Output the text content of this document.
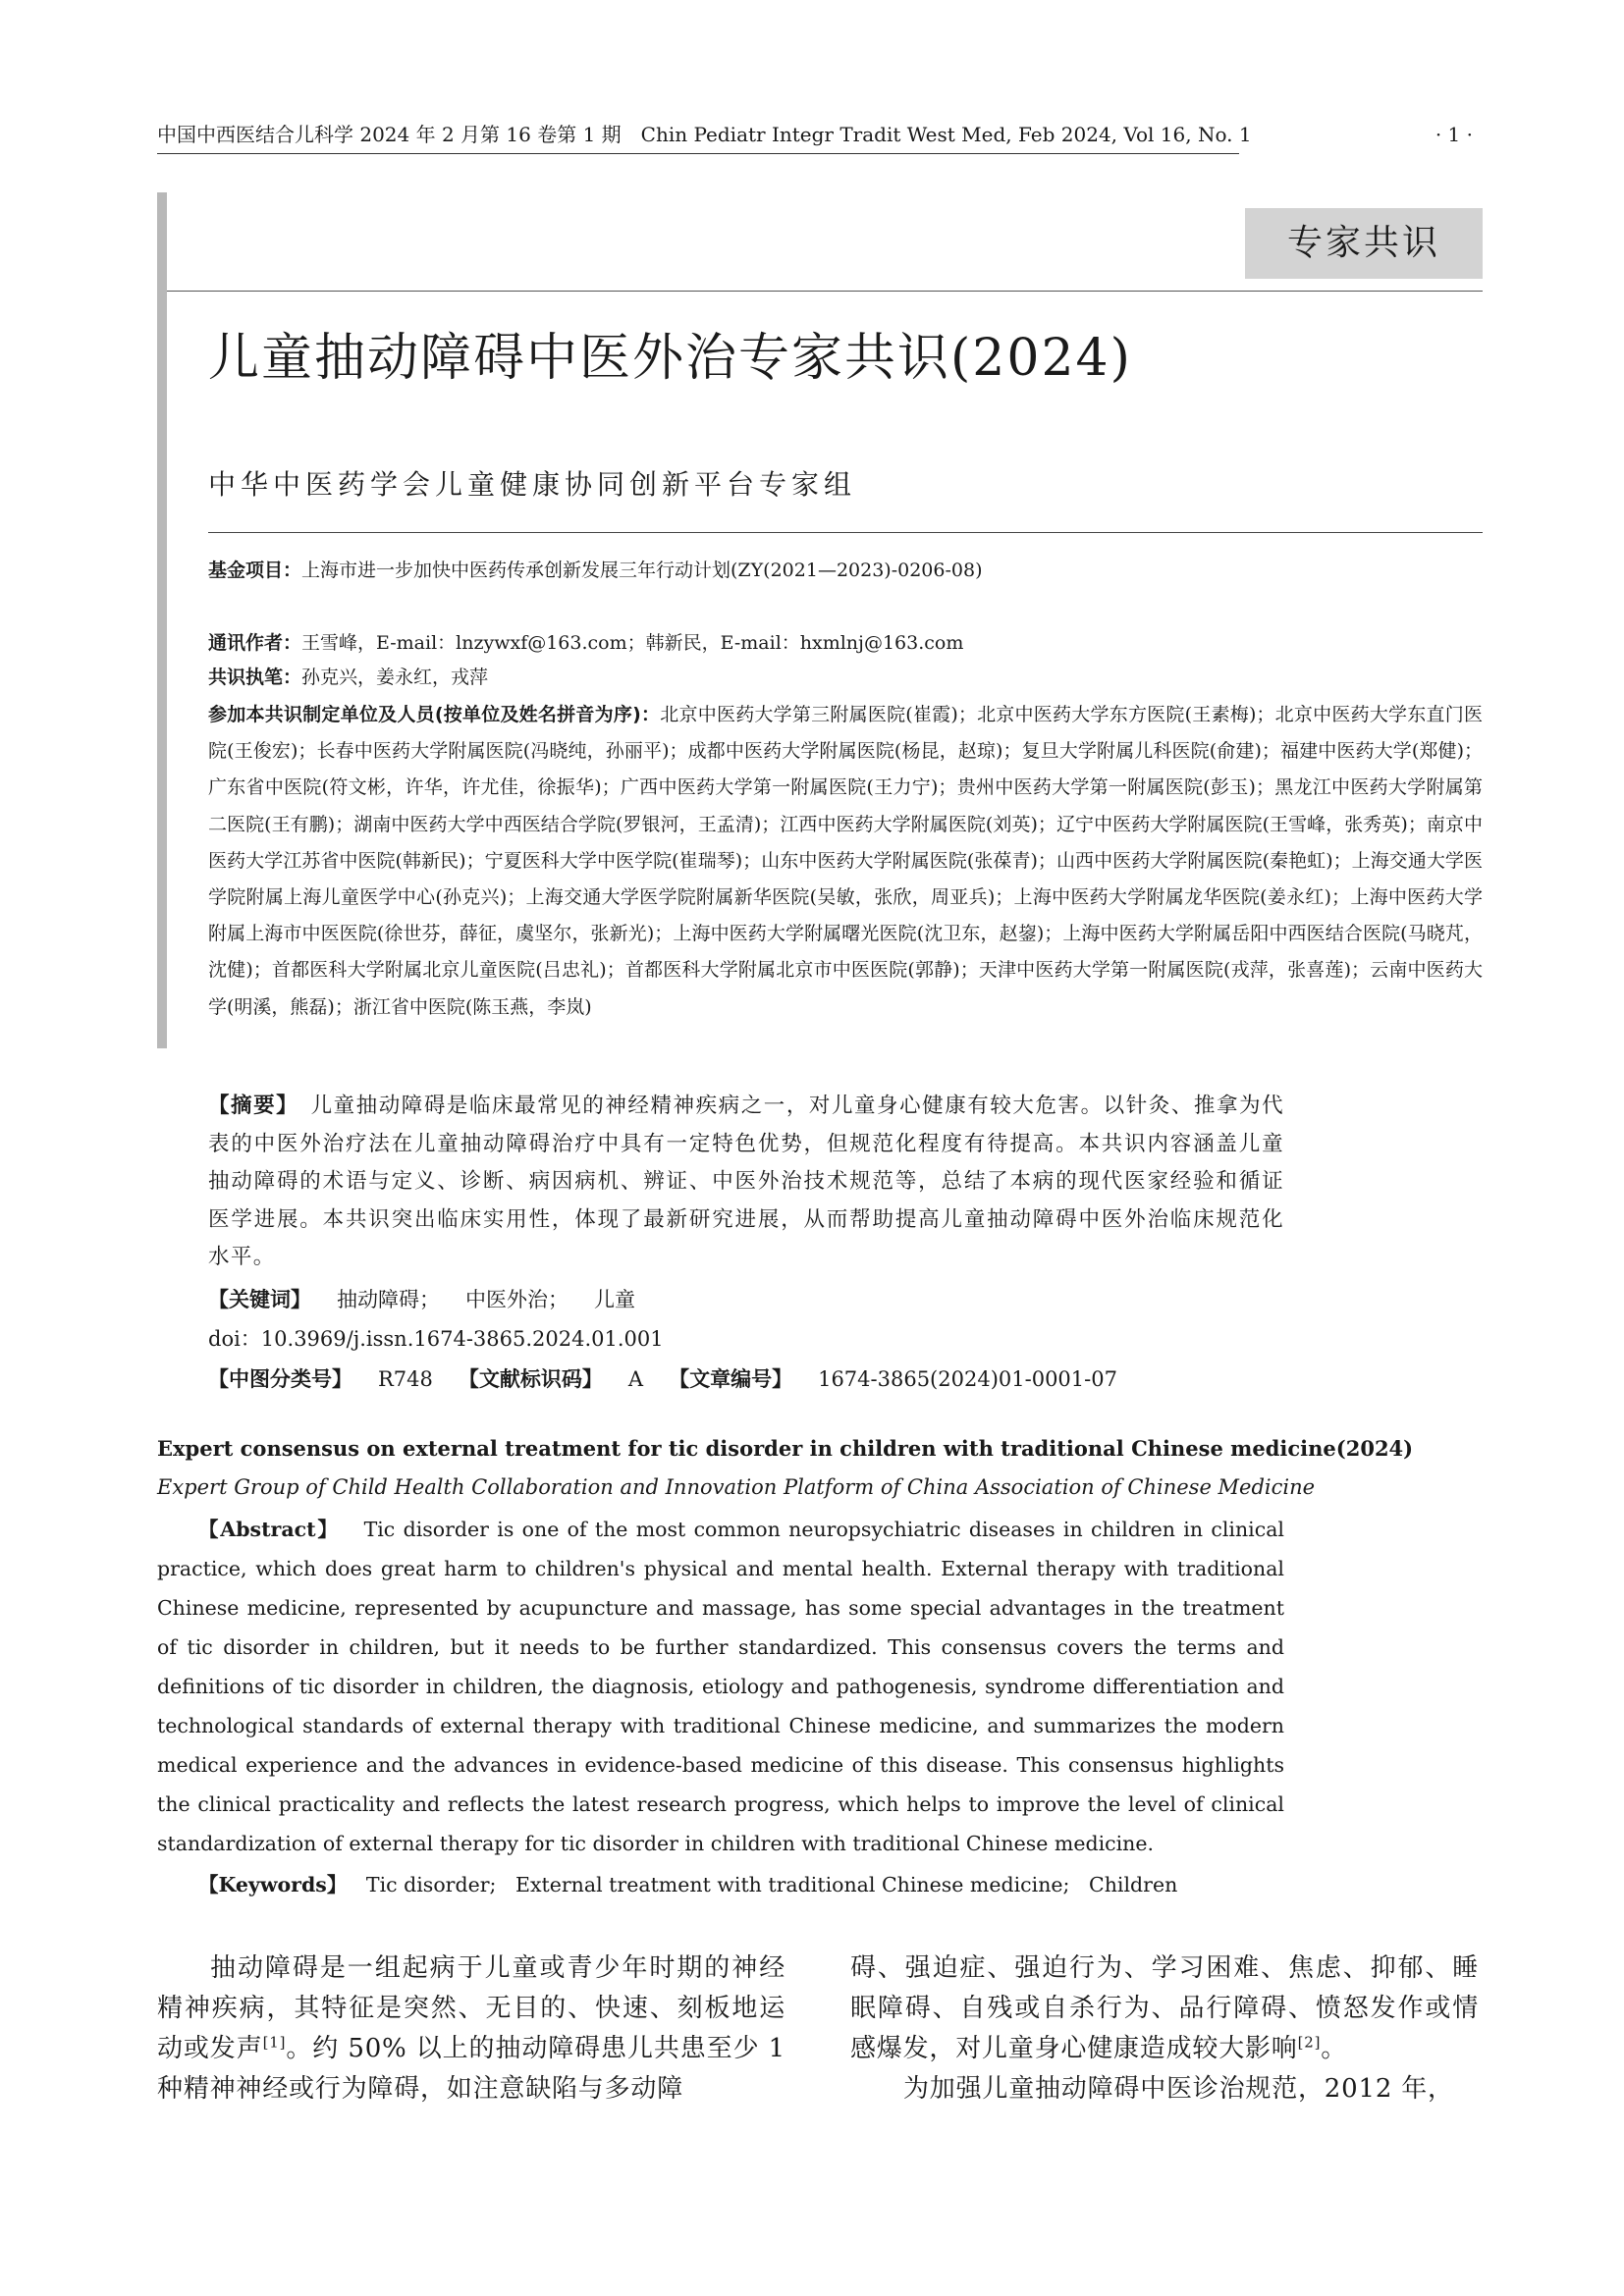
中国中西医结合儿科学 2024 年 2 月第 16 卷第 1 期　 Chin Pediatr Integr Tradit West Med, Feb 2024, Vol 16, No. 1	· 1 ·
专家共识
儿童抽动障碍中医外治专家共识(2024)
中华中医药学会儿童健康协同创新平台专家组
基金项目：上海市进一步加快中医药传承创新发展三年行动计划(ZY(2021—2023)-0206-08)
通讯作者：王雪峰，E-mail：lnzywxf@163.com；韩新民，E-mail：hxmlnj@163.com
共识执笔：孙克兴，姜永红，戎萍
参加本共识制定单位及人员(按单位及姓名拼音为序)：北京中医药大学第三附属医院(崔霞)；北京中医药大学东方医院(王素梅)；北京中医药大学东直门医院(王俊宏)；长春中医药大学附属医院(冯晓纯，孙丽平)；成都中医药大学附属医院(杨昆，赵琼)；复旦大学附属儿科医院(俞建)；福建中医药大学(郑健)；广东省中医院(符文彬，许华，许尤佳，徐振华)；广西中医药大学第一附属医院(王力宁)；贵州中医药大学第一附属医院(彭玉)；黑龙江中医药大学附属第二医院(王有鹏)；湖南中医药大学中西医结合学院(罗银河，王孟清)；江西中医药大学附属医院(刘英)；辽宁中医药大学附属医院(王雪峰，张秀英)；南京中医药大学江苏省中医院(韩新民)；宁夏医科大学中医学院(崔瑞琴)；山东中医药大学附属医院(张葆青)；山西中医药大学附属医院(秦艳虹)；上海交通大学医学院附属上海儿童医学中心(孙克兴)；上海交通大学医学院附属新华医院(吴敏，张欣，周亚兵)；上海中医药大学附属龙华医院(姜永红)；上海中医药大学附属上海市中医医院(徐世芬，薛征，虞坚尔，张新光)；上海中医药大学附属曙光医院(沈卫东，赵鋆)；上海中医药大学附属岳阳中西医结合医院(马晓芃，沈健)；首都医科大学附属北京儿童医院(吕忠礼)；首都医科大学附属北京市中医医院(郭静)；天津中医药大学第一附属医院(戎萍，张喜莲)；云南中医药大学(明溪，熊磊)；浙江省中医院(陈玉燕，李岚)
【摘要】　 儿童抽动障碍是临床最常见的神经精神疾病之一，对儿童身心健康有较大危害。以针灸、推拿为代表的中医外治疗法在儿童抽动障碍治疗中具有一定特色优势，但规范化程度有待提高。本共识内容涵盖儿童抽动障碍的术语与定义、诊断、病因病机、辨证、中医外治技术规范等，总结了本病的现代医家经验和循证医学进展。本共识突出临床实用性，体现了最新研究进展，从而帮助提高儿童抽动障碍中医外治临床规范化水平。
【关键词】 抽动障碍； 中医外治； 儿童
doi：10.3969/j.issn.1674-3865.2024.01.001
【中图分类号】 R748 【文献标识码】 A 【文章编号】 1674-3865(2024)01-0001-07
Expert consensus on external treatment for tic disorder in children with traditional Chinese medicine(2024)
Expert Group of Child Health Collaboration and Innovation Platform of China Association of Chinese Medicine
【Abstract】 Tic disorder is one of the most common neuropsychiatric diseases in children in clinical practice, which does great harm to children's physical and mental health. External therapy with traditional Chinese medicine, represented by acupuncture and massage, has some special advantages in the treatment of tic disorder in children, but it needs to be further standardized. This consensus covers the terms and definitions of tic disorder in children, the diagnosis, etiology and pathogenesis, syndrome differentiation and technological standards of external therapy with traditional Chinese medicine, and summarizes the modern medical experience and the advances in evidence-based medicine of this disease. This consensus highlights the clinical practicality and reflects the latest research progress, which helps to improve the level of clinical standardization of external therapy for tic disorder in children with traditional Chinese medicine.
【Keywords】 Tic disorder; External treatment with traditional Chinese medicine; Children

抽动障碍是一组起病于儿童或青少年时期的神经精神疾病，其特征是突然、无目的、快速、刻板地运动或发声[1]。约 50% 以上的抽动障碍患儿共患至少 1 种精神神经或行为障碍，如注意缺陷与多动障

碍、强迫症、强迫行为、学习困难、焦虑、抑郁、睡眠障碍、自残或自杀行为、品行障碍、愤怒发作或情感爆发，对儿童身心健康造成较大影响[2]。

为加强儿童抽动障碍中医诊治规范，2012 年，
